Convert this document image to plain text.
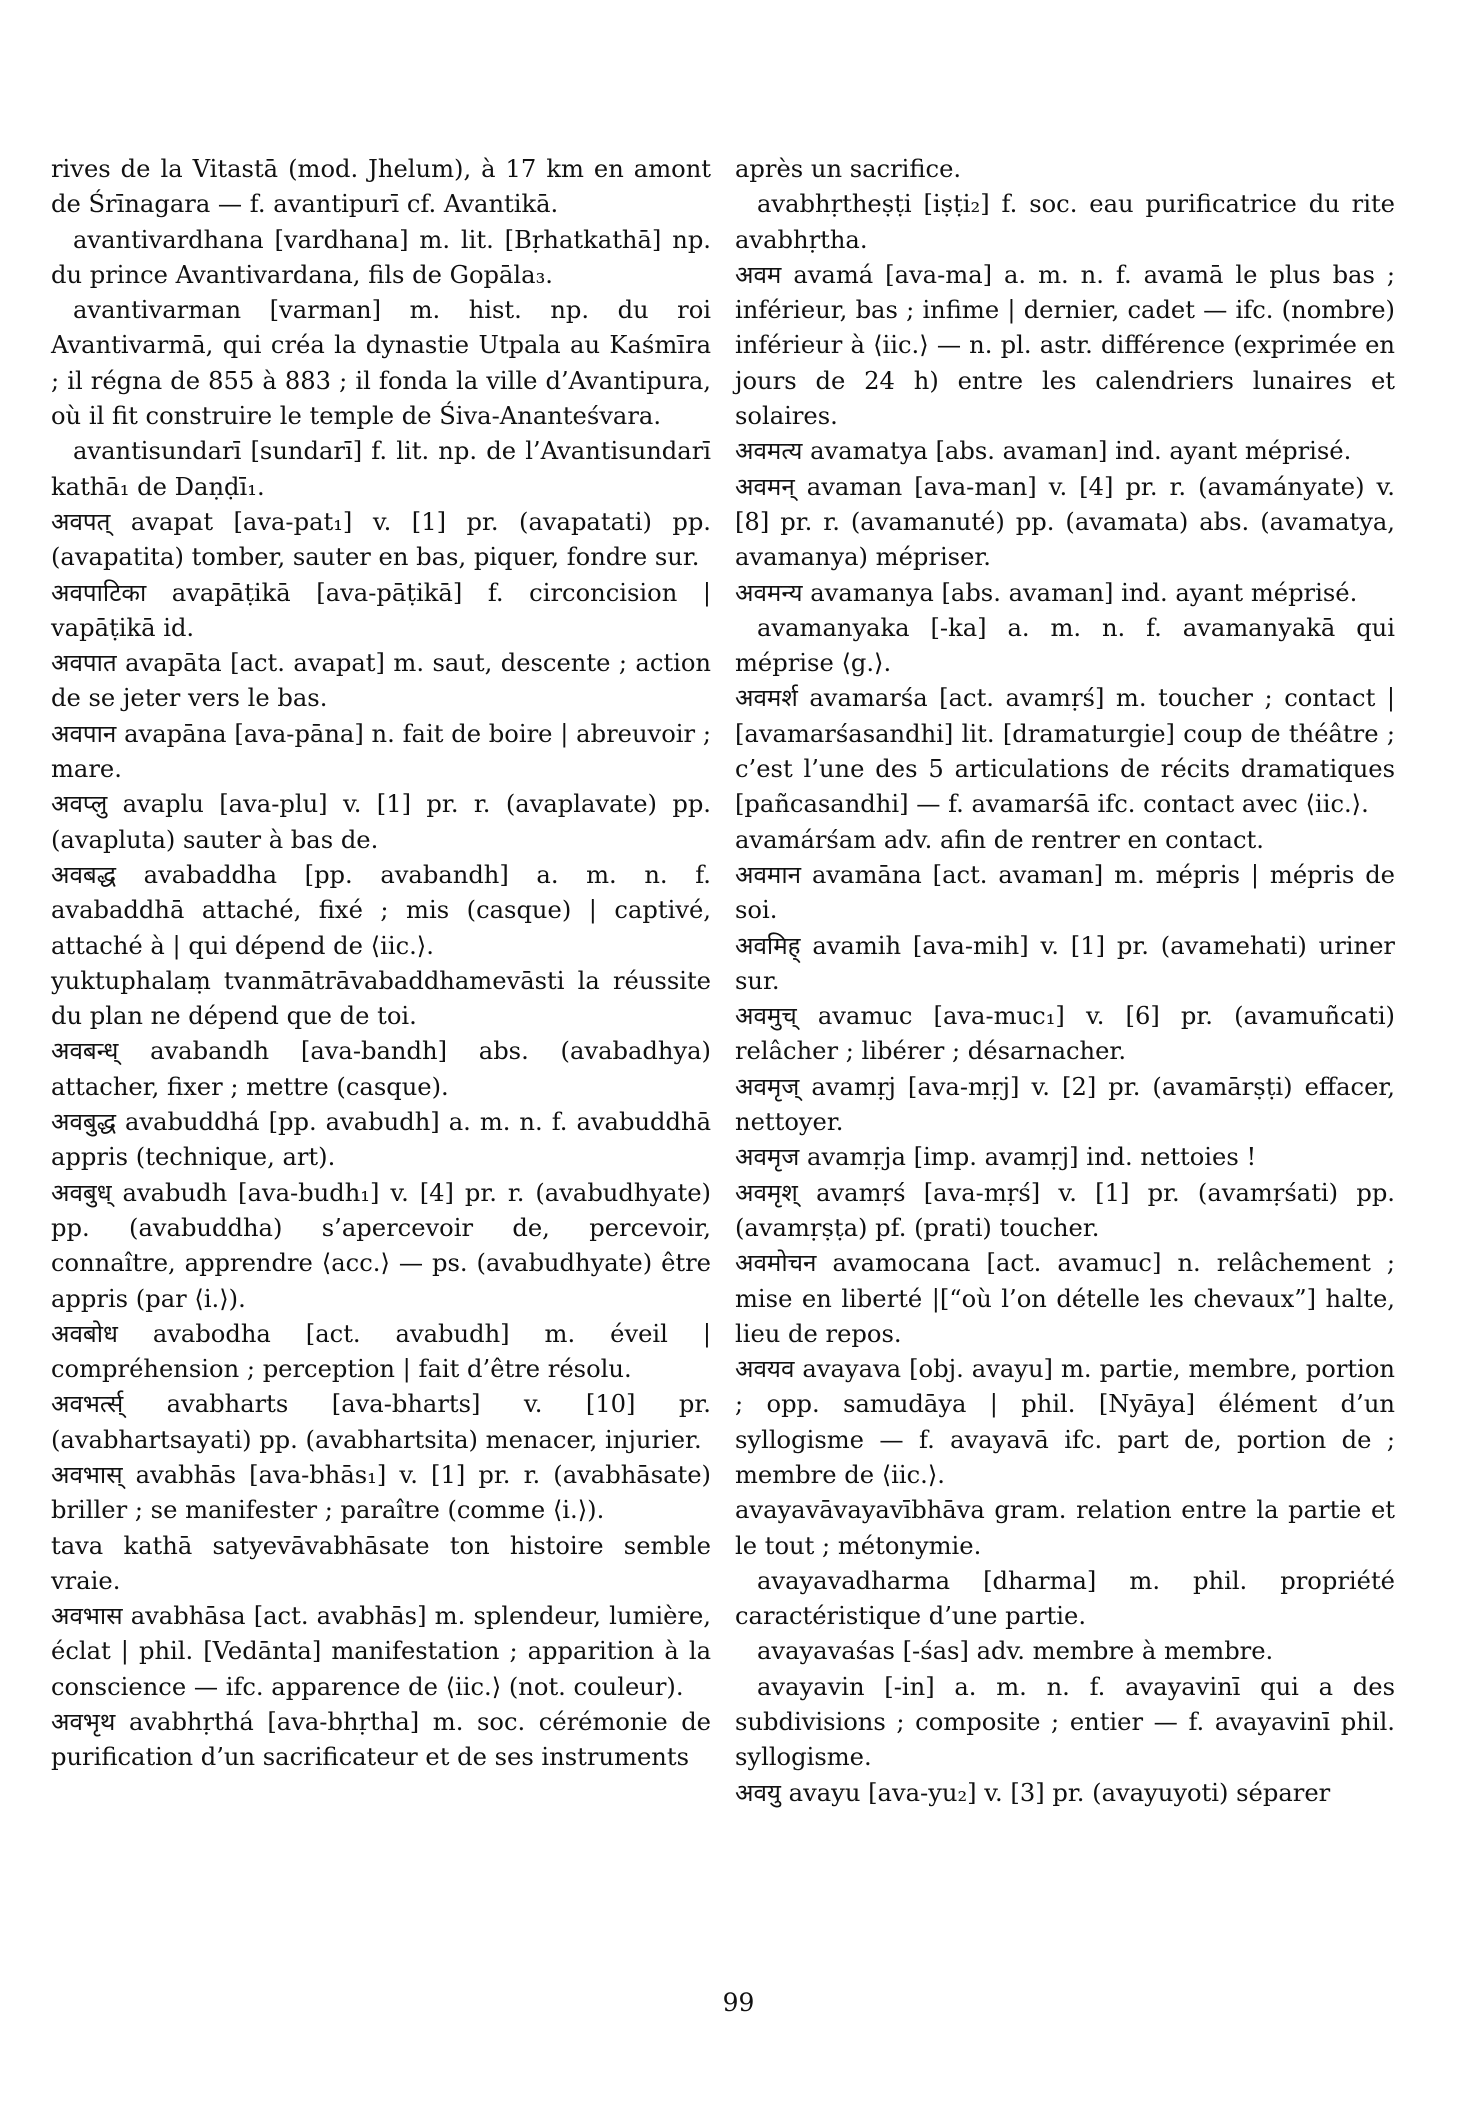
rives de la Vitastā (mod. Jhelum), à 17 km en amont de Śrīnagara — f. avantipurī cf. Avantikā.

avantivardhana [vardhana] m. lit. [Bṛhatkathā] np. du prince Avantivardana, fils de Gopāla₃.

avantivarman [varman] m. hist. np. du roi Avantivarmā, qui créa la dynastie Utpala au Kaśmīra ; il régna de 855 à 883 ; il fonda la ville d’Avantipura, où il fit construire le temple de Śiva-Ananteśvara.

avantisundarī [sundarī] f. lit. np. de l’Avantisundarī kathā₁ de Daṇḍī₁.

अवपत् avapat [ava-pat₁] v. [1] pr. (avapatati) pp. (avapatita) tomber, sauter en bas, piquer, fondre sur.

अवपाटिका avapāṭikā [ava-pāṭikā] f. circoncision | vapāṭikā id.

अवपात avapāta [act. avapat] m. saut, descente ; action de se jeter vers le bas.

अवपान avapāna [ava-pāna] n. fait de boire | abreuvoir ; mare.

अवप्लु avaplu [ava-plu] v. [1] pr. r. (avaplavate) pp. (avapluta) sauter à bas de.

अवबद्ध avabaddha [pp. avabandh] a. m. n. f. avabaddhā attaché, fixé ; mis (casque) | captivé, attaché à | qui dépend de ⟨iic.⟩.

yuktuphalaṃ tvanmātrāvabaddhamevāsti la réussite du plan ne dépend que de toi.

अवबन्ध् avabandh [ava-bandh] abs. (avabadhya) attacher, fixer ; mettre (casque).

अवबुद्ध avabuddhá [pp. avabudh] a. m. n. f. avabuddhā appris (technique, art).

अवबुध् avabudh [ava-budh₁] v. [4] pr. r. (avabudhyate) pp. (avabuddha) s’apercevoir de, percevoir, connaître, apprendre ⟨acc.⟩ — ps. (avabudhyate) être appris (par ⟨i.⟩).

अवबोध avabodha [act. avabudh] m. éveil | compréhension ; perception | fait d’être résolu.

अवभर्त्स् avabharts [ava-bharts] v. [10] pr. (avabhartsayati) pp. (avabhartsita) menacer, injurier.

अवभास् avabhās [ava-bhās₁] v. [1] pr. r. (avabhāsate) briller ; se manifester ; paraître (comme ⟨i.⟩).

tava kathā satyevāvabhāsate ton histoire semble vraie.

अवभास avabhāsa [act. avabhās] m. splendeur, lumière, éclat | phil. [Vedānta] manifestation ; apparition à la conscience — ifc. apparence de ⟨iic.⟩ (not. couleur).

अवभृथ avabhṛthá [ava-bhṛtha] m. soc. cérémonie de purification d’un sacrificateur et de ses instruments

après un sacrifice.

avabhṛtheṣṭi [iṣṭi₂] f. soc. eau purificatrice du rite avabhṛtha.

अवम avamá [ava-ma] a. m. n. f. avamā le plus bas ; inférieur, bas ; infime | dernier, cadet — ifc. (nombre) inférieur à ⟨iic.⟩ — n. pl. astr. différence (exprimée en jours de 24 h) entre les calendriers lunaires et solaires.

अवमत्य avamatya [abs. avaman] ind. ayant méprisé.

अवमन् avaman [ava-man] v. [4] pr. r. (avamányate) v. [8] pr. r. (avamanuté) pp. (avamata) abs. (avamatya, avamanya) mépriser.

अवमन्य avamanya [abs. avaman] ind. ayant méprisé.

avamanyaka [-ka] a. m. n. f. avamanyakā qui méprise ⟨g.⟩.

अवमर्श avamarśa [act. avamṛś] m. toucher ; contact | [avamarśasandhi] lit. [dramaturgie] coup de théâtre ; c’est l’une des 5 articulations de récits dramatiques [pañcasandhi] — f. avamarśā ifc. contact avec ⟨iic.⟩.

avamárśam adv. afin de rentrer en contact.

अवमान avamāna [act. avaman] m. mépris | mépris de soi.

अवमिह् avamih [ava-mih] v. [1] pr. (avamehati) uriner sur.

अवमुच् avamuc [ava-muc₁] v. [6] pr. (avamuñcati) relâcher ; libérer ; désarnacher.

अवमृज् avamṛj [ava-mṛj] v. [2] pr. (avamārṣṭi) effacer, nettoyer.

अवमृज avamṛja [imp. avamṛj] ind. nettoies !

अवमृश् avamṛś [ava-mṛś] v. [1] pr. (avamṛśati) pp. (avamṛṣṭa) pf. (prati) toucher.

अवमोचन avamocana [act. avamuc] n. relâchement ; mise en liberté |[“où l’on dételle les chevaux”] halte, lieu de repos.

अवयव avayava [obj. avayu] m. partie, membre, portion ; opp. samudāya | phil. [Nyāya] élément d’un syllogisme — f. avayavā ifc. part de, portion de ; membre de ⟨iic.⟩.

avayavāvayavībhāva gram. relation entre la partie et le tout ; métonymie.

avayavadharma [dharma] m. phil. propriété caractéristique d’une partie.

avayavaśas [-śas] adv. membre à membre.

avayavin [-in] a. m. n. f. avayavinī qui a des subdivisions ; composite ; entier — f. avayavinī phil. syllogisme.

अवयु avayu [ava-yu₂] v. [3] pr. (avayuyoti) séparer

99
